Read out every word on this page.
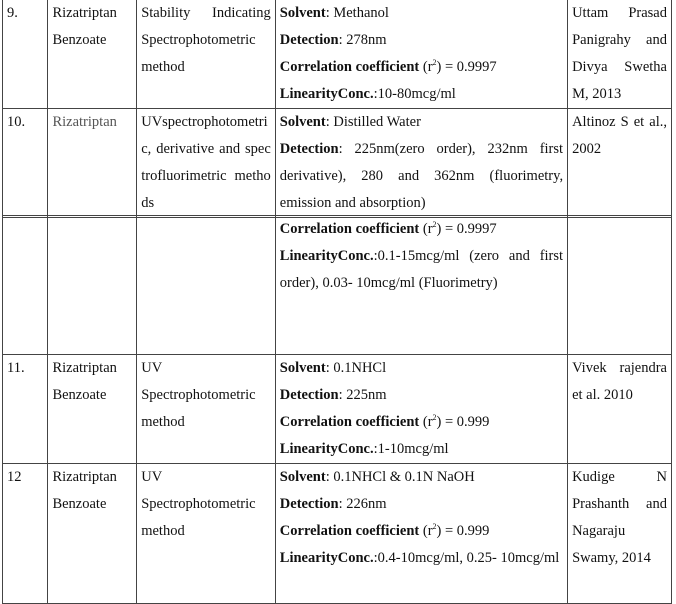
9.	Rizatriptan Benzoate	Stability Indicating Spectrophotometric method	Solvent: Methanol
Detection: 278nm
Correlation coefficient $(r^2) = 0.9997$
LinearityConc.:10-80mcg/ml	Uttam Prasad Panigrahy and Divya Swetha M, 2013
10.	Rizatriptan	UVspectrophotometric, derivative and spectrofluorimetric methods	Solvent: Distilled Water
Detection: 225nm(zero order), 232nm first derivative), 280 and 362nm (fluorimetry, emission and absorption)	Altinoz S et al., 2002

			Correlation coefficient $(r^2) = 0.9997$
LinearityConc.:0.1-15mcg/ml (zero and first order), 0.03- 10mcg/ml (Fluorimetry)	

11.	Rizatriptan Benzoate	UV Spectrophotometric method	Solvent: 0.1NHCl
Detection: 225nm
Correlation coefficient $(r^2) = 0.999$
LinearityConc.:1-10mcg/ml	Vivek rajendra et al. 2010
12	Rizatriptan Benzoate	UV Spectrophotometric method	Solvent: 0.1NHCl & 0.1N NaOH
Detection: 226nm
Correlation coefficient $(r^2) = 0.999$
LinearityConc.:0.4-10mcg/ml, 0.25- 10mcg/ml	Kudige N Prashanth and Nagaraju Swamy, 2014
